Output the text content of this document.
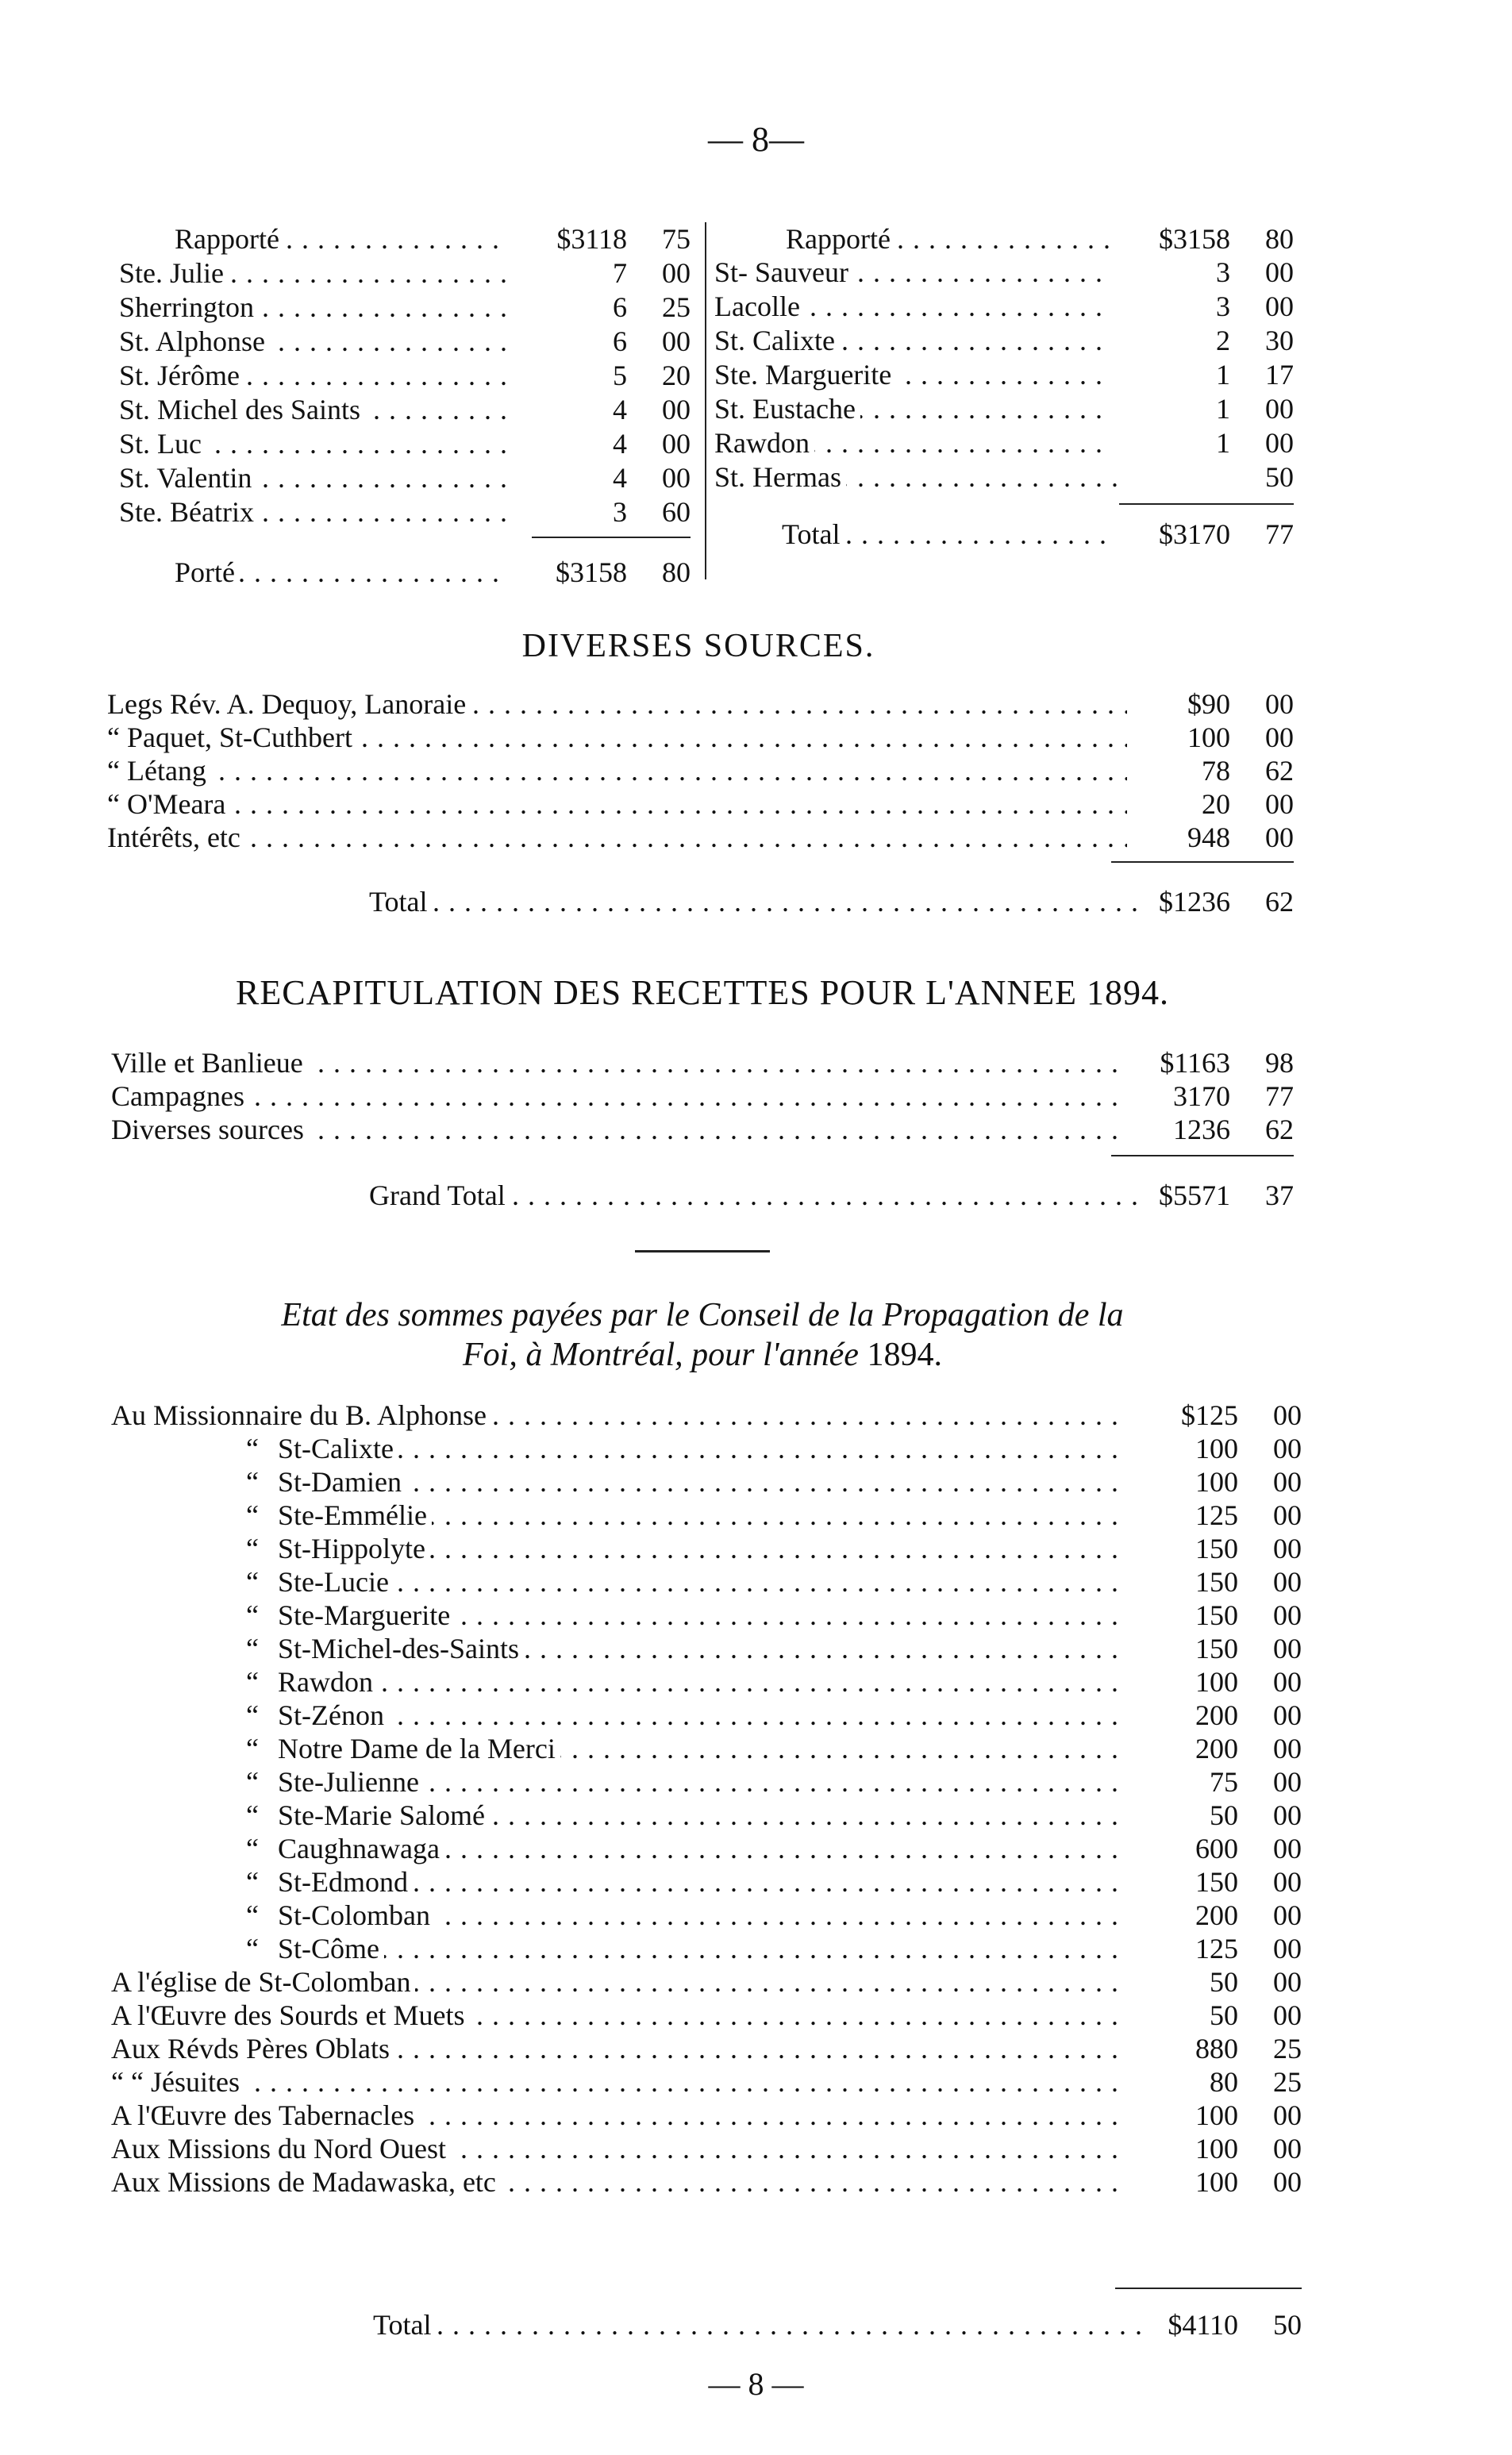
— 8—
Rapporté . . .	$3118	75
Ste. Julie . . .	7	00
Sherrington . . .	6	25
St. Alphonse . . .	6	00
St. Jérôme . . .	5	20
St. Michel des Saints . . .	4	00
St. Luc . . .	4	00
St. Valentin . . .	4	00
Ste. Béatrix . . .	3	60
Porté . . .	$3158	80
Rapporté . . .	$3158	80
St- Sauveur . . .	3	00
Lacolle . . .	3	00
St. Calixte . . .	2	30
Ste. Marguerite . . .	1	17
St. Eustache . . .	1	00
Rawdon . . .	1	00
St. Hermas . . .	50
Total . . .	$3170	77
DIVERSES SOURCES.
Legs Rév. A. Dequoy, Lanoraie . . .	$90	00
“ Paquet, St-Cuthbert . . .	100	00
“ Létang . . .	78	62
“ O'Meara . . .	20	00
Intérêts, etc . . .	948	00
Total . . .	$1236	62
RECAPITULATION DES RECETTES POUR L'ANNEE 1894.
Ville et Banlieue . . .	$1163	98
Campagnes . . .	3170	77
Diverses sources . . .	1236	62
Grand Total . . .	$5571	37
Etat des sommes payées par le Conseil de la Propagation de la
Foi, à Montréal, pour l'année 1894.
Au Missionnaire du B. Alphonse . . .	$125	00
“ St-Calixte . . .	100	00
“ St-Damien . . .	100	00
“ Ste-Emmélie . . .	125	00
“ St-Hippolyte . . .	150	00
“ Ste-Lucie . . .	150	00
“ Ste-Marguerite . . .	150	00
“ St-Michel-des-Saints . . .	150	00
“ Rawdon . . .	100	00
“ St-Zénon . . .	200	00
“ Notre Dame de la Merci . . .	200	00
“ Ste-Julienne . . .	75	00
“ Ste-Marie Salomé . . .	50	00
“ Caughnawaga . . .	600	00
“ St-Edmond . . .	150	00
“ St-Colomban . . .	200	00
“ St-Côme . . .	125	00
A l'église de St-Colomban . . .	50	00
A l'Œuvre des Sourds et Muets . . .	50	00
Aux Révds Pères Oblats . . .	880	25
“ “ Jésuites . . .	80	25
A l'Œuvre des Tabernacles . . .	100	00
Aux Missions du Nord Ouest . . .	100	00
Aux Missions de Madawaska, etc . . .	100	00
Total . . .	$4110	50
— 8 —
